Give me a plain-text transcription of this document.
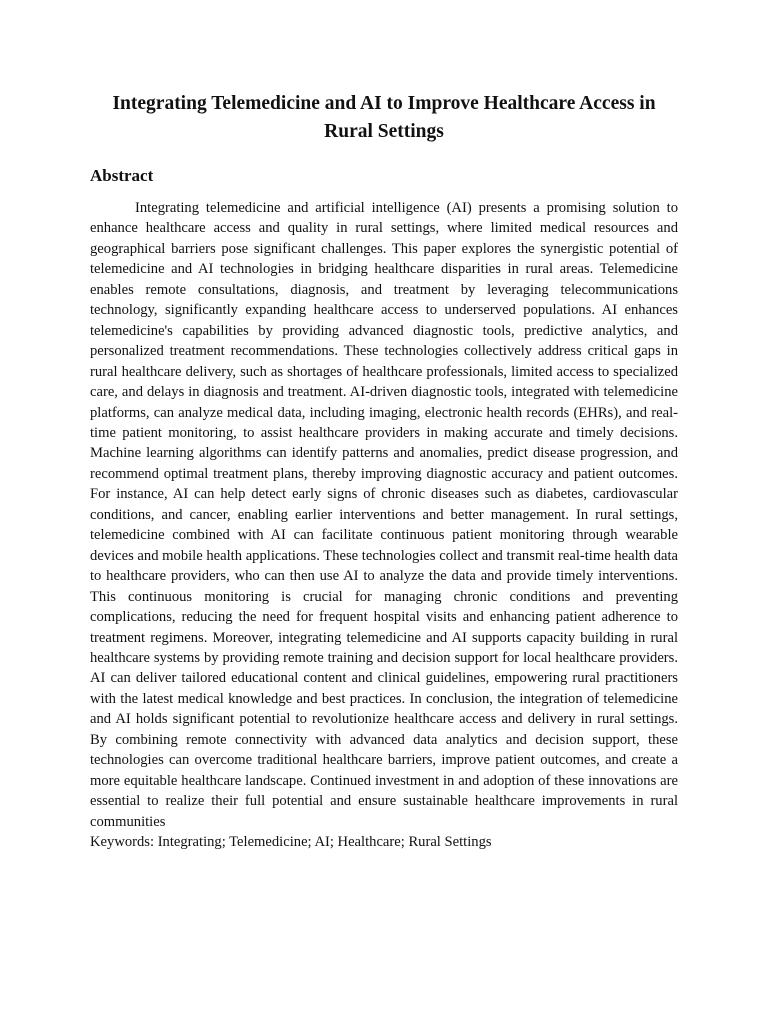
Integrating Telemedicine and AI to Improve Healthcare Access in Rural Settings
Abstract

Integrating telemedicine and artificial intelligence (AI) presents a promising solution to enhance healthcare access and quality in rural settings, where limited medical resources and geographical barriers pose significant challenges. This paper explores the synergistic potential of telemedicine and AI technologies in bridging healthcare disparities in rural areas. Telemedicine enables remote consultations, diagnosis, and treatment by leveraging telecommunications technology, significantly expanding healthcare access to underserved populations. AI enhances telemedicine's capabilities by providing advanced diagnostic tools, predictive analytics, and personalized treatment recommendations. These technologies collectively address critical gaps in rural healthcare delivery, such as shortages of healthcare professionals, limited access to specialized care, and delays in diagnosis and treatment. AI-driven diagnostic tools, integrated with telemedicine platforms, can analyze medical data, including imaging, electronic health records (EHRs), and real-time patient monitoring, to assist healthcare providers in making accurate and timely decisions. Machine learning algorithms can identify patterns and anomalies, predict disease progression, and recommend optimal treatment plans, thereby improving diagnostic accuracy and patient outcomes. For instance, AI can help detect early signs of chronic diseases such as diabetes, cardiovascular conditions, and cancer, enabling earlier interventions and better management. In rural settings, telemedicine combined with AI can facilitate continuous patient monitoring through wearable devices and mobile health applications. These technologies collect and transmit real-time health data to healthcare providers, who can then use AI to analyze the data and provide timely interventions. This continuous monitoring is crucial for managing chronic conditions and preventing complications, reducing the need for frequent hospital visits and enhancing patient adherence to treatment regimens. Moreover, integrating telemedicine and AI supports capacity building in rural healthcare systems by providing remote training and decision support for local healthcare providers. AI can deliver tailored educational content and clinical guidelines, empowering rural practitioners with the latest medical knowledge and best practices. In conclusion, the integration of telemedicine and AI holds significant potential to revolutionize healthcare access and delivery in rural settings. By combining remote connectivity with advanced data analytics and decision support, these technologies can overcome traditional healthcare barriers, improve patient outcomes, and create a more equitable healthcare landscape. Continued investment in and adoption of these innovations are essential to realize their full potential and ensure sustainable healthcare improvements in rural communities

Keywords: Integrating; Telemedicine; AI; Healthcare; Rural Settings
